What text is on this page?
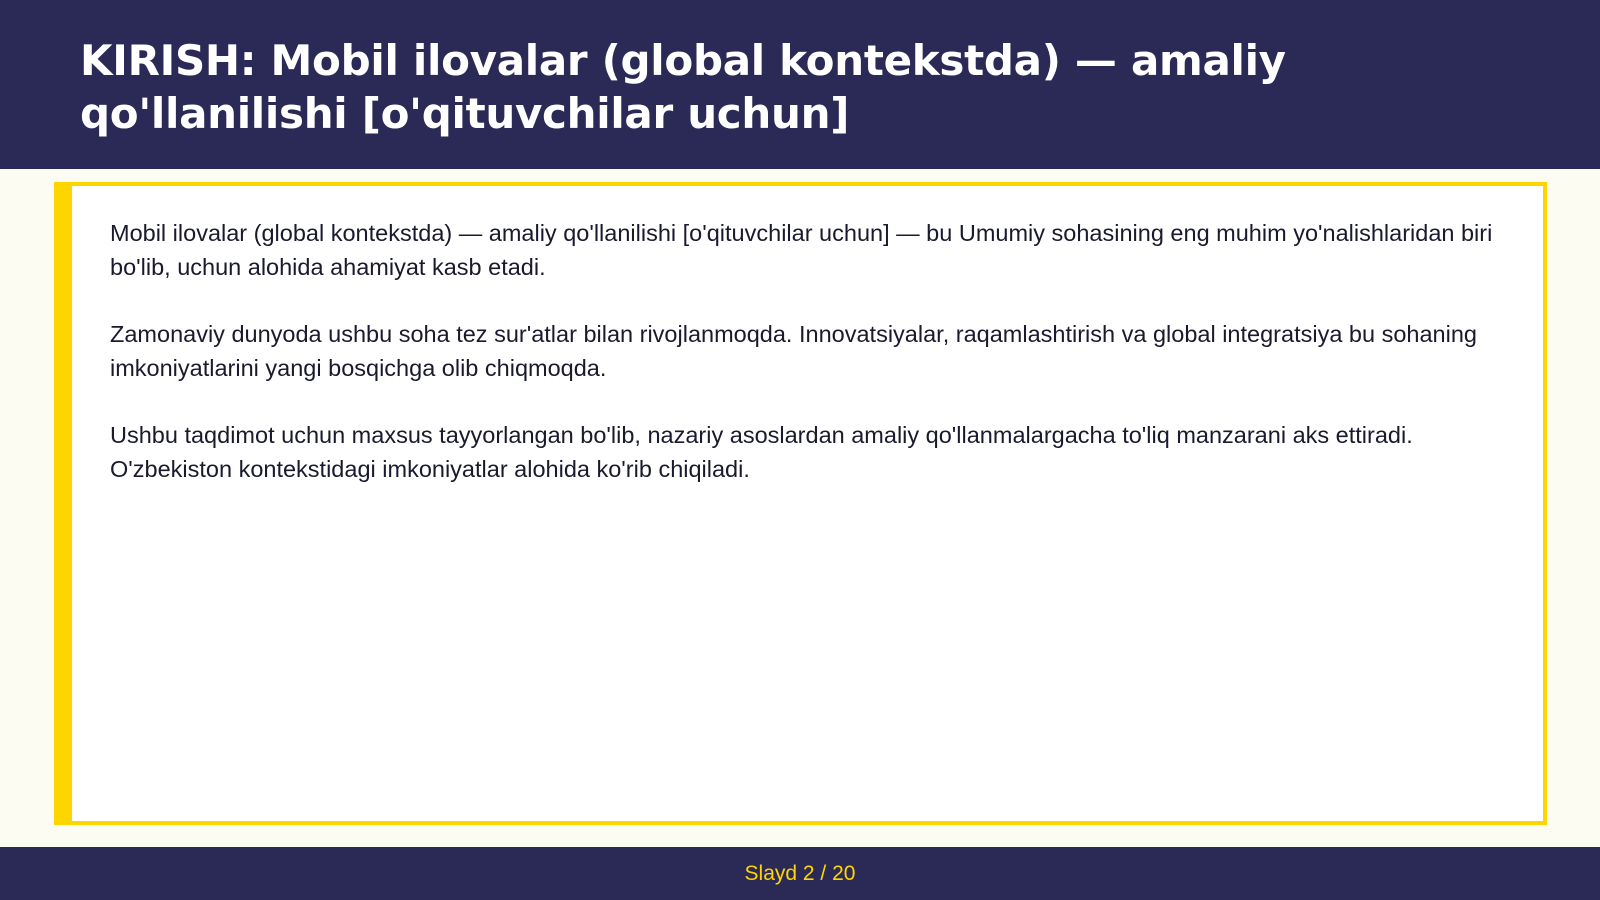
KIRISH: Mobil ilovalar (global kontekstda) — amaliy qo'llanilishi [o'qituvchilar uchun]

Mobil ilovalar (global kontekstda) — amaliy qo'llanilishi [o'qituvchilar uchun] — bu Umumiy sohasining eng muhim yo'nalishlaridan biri bo'lib, uchun alohida ahamiyat kasb etadi.

Zamonaviy dunyoda ushbu soha tez sur'atlar bilan rivojlanmoqda. Innovatsiyalar, raqamlashtirish va global integratsiya bu sohaning imkoniyatlarini yangi bosqichga olib chiqmoqda.

Ushbu taqdimot uchun maxsus tayyorlangan bo'lib, nazariy asoslardan amaliy qo'llanmalargacha to'liq manzarani aks ettiradi. O'zbekiston kontekstidagi imkoniyatlar alohida ko'rib chiqiladi.

Slayd 2 / 20
